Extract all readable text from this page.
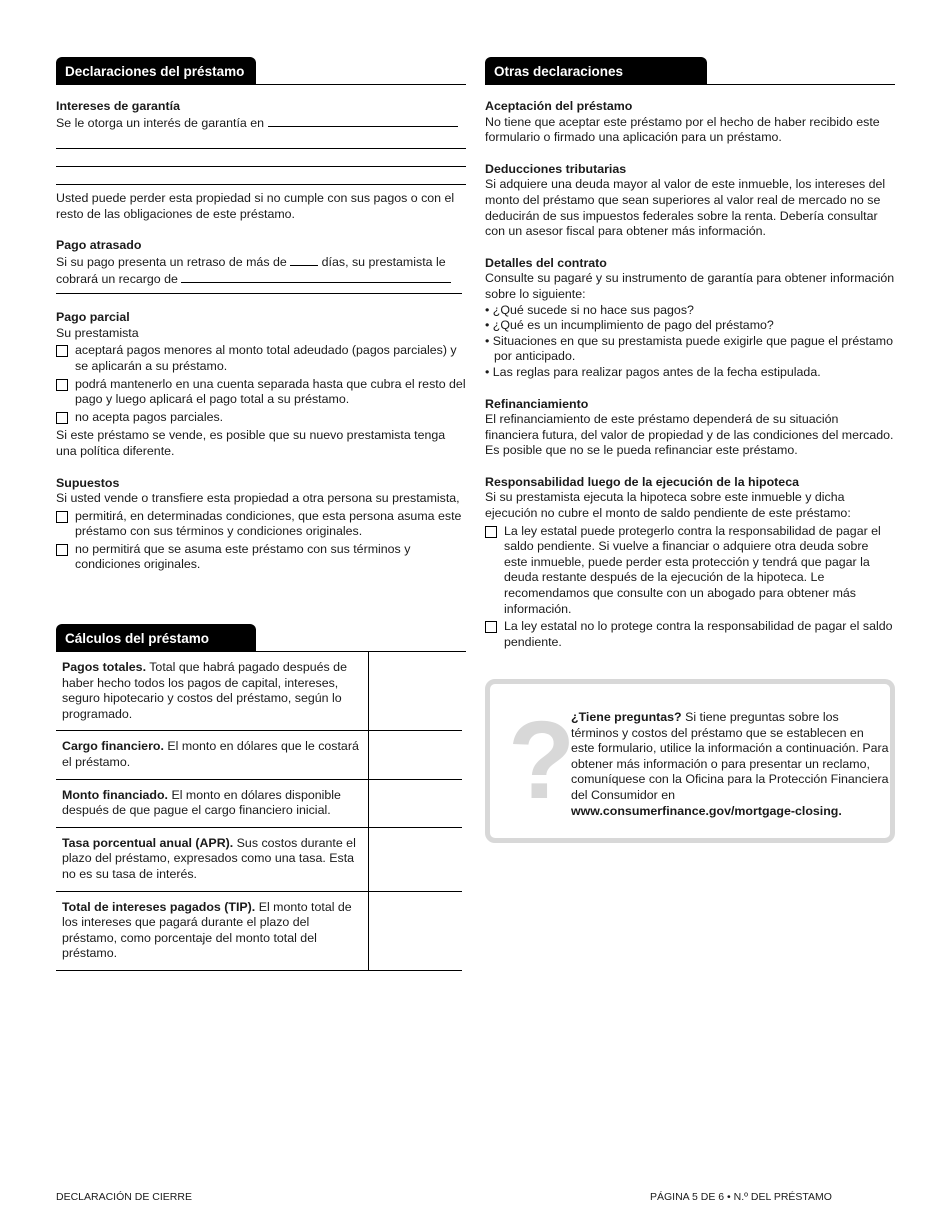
Declaraciones del préstamo

Intereses de garantía

Se le otorga un interés de garantía en

Usted puede perder esta propiedad si no cumple con sus pagos o con el resto de las obligaciones de este préstamo.

Pago atrasado

Si su pago presenta un retraso de más de	días, su prestamista le cobrará un recargo de

Pago parcial

Su prestamista

aceptará pagos menores al monto total adeudado (pagos parciales) y se aplicarán a su préstamo.
podrá mantenerlo en una cuenta separada hasta que cubra el resto del pago y luego aplicará el pago total a su préstamo.
no acepta pagos parciales.

Si este préstamo se vende, es posible que su nuevo prestamista tenga una política diferente.

Supuestos

Si usted vende o transfiere esta propiedad a otra persona su prestamista,

permitirá, en determinadas condiciones, que esta persona asuma este préstamo con sus términos y condiciones originales.
no permitirá que se asuma este préstamo con sus términos y condiciones originales.
Cálculos del préstamo
Pagos totales. Total que habrá pagado después de haber hecho todos los pagos de capital, intereses, seguro hipotecario y costos del préstamo, según lo programado.	
Cargo financiero. El monto en dólares que le costará el préstamo.	
Monto financiado. El monto en dólares disponible después de que pague el cargo financiero inicial.	
Tasa porcentual anual (APR). Sus costos durante el plazo del préstamo, expresados como una tasa. Esta no es su tasa de interés.	
Total de intereses pagados (TIP). El monto total de los intereses que pagará durante el plazo del préstamo, como porcentaje del monto total del préstamo.	
Otras declaraciones

Aceptación del préstamo

No tiene que aceptar este préstamo por el hecho de haber recibido este formulario o firmado una aplicación para un préstamo.

Deducciones tributarias

Si adquiere una deuda mayor al valor de este inmueble, los intereses del monto del préstamo que sean superiores al valor real de mercado no se deducirán de sus impuestos federales sobre la renta. Debería consultar con un asesor fiscal para obtener más información.

Detalles del contrato

Consulte su pagaré y su instrumento de garantía para obtener información sobre lo siguiente:

• ¿Qué sucede si no hace sus pagos?

• ¿Qué es un incumplimiento de pago del préstamo?

• Situaciones en que su prestamista puede exigirle que pague el préstamo por anticipado.

• Las reglas para realizar pagos antes de la fecha estipulada.

Refinanciamiento

El refinanciamiento de este préstamo dependerá de su situación financiera futura, del valor de propiedad y de las condiciones del mercado. Es posible que no se le pueda refinanciar este préstamo.

Responsabilidad luego de la ejecución de la hipoteca

Si su prestamista ejecuta la hipoteca sobre este inmueble y dicha ejecución no cubre el monto de saldo pendiente de este préstamo:

La ley estatal puede protegerlo contra la responsabilidad de pagar el saldo pendiente. Si vuelve a financiar o adquiere otra deuda sobre este inmueble, puede perder esta protección y tendrá que pagar la deuda restante después de la ejecución de la hipoteca. Le recomendamos que consulte con un abogado para obtener más información.
La ley estatal no lo protege contra la responsabilidad de pagar el saldo pendiente.
?

¿Tiene preguntas? Si tiene preguntas sobre los términos y costos del préstamo que se establecen en este formulario, utilice la información a continuación. Para obtener más información o para presentar un reclamo, comuníquese con la Oficina para la Protección Financiera del Consumidor en www.consumerfinance.gov/mortgage-closing.

DECLARACIÓN DE CIERRE	PÁGINA 5 DE 6 • N.º DEL PRÉSTAMO
